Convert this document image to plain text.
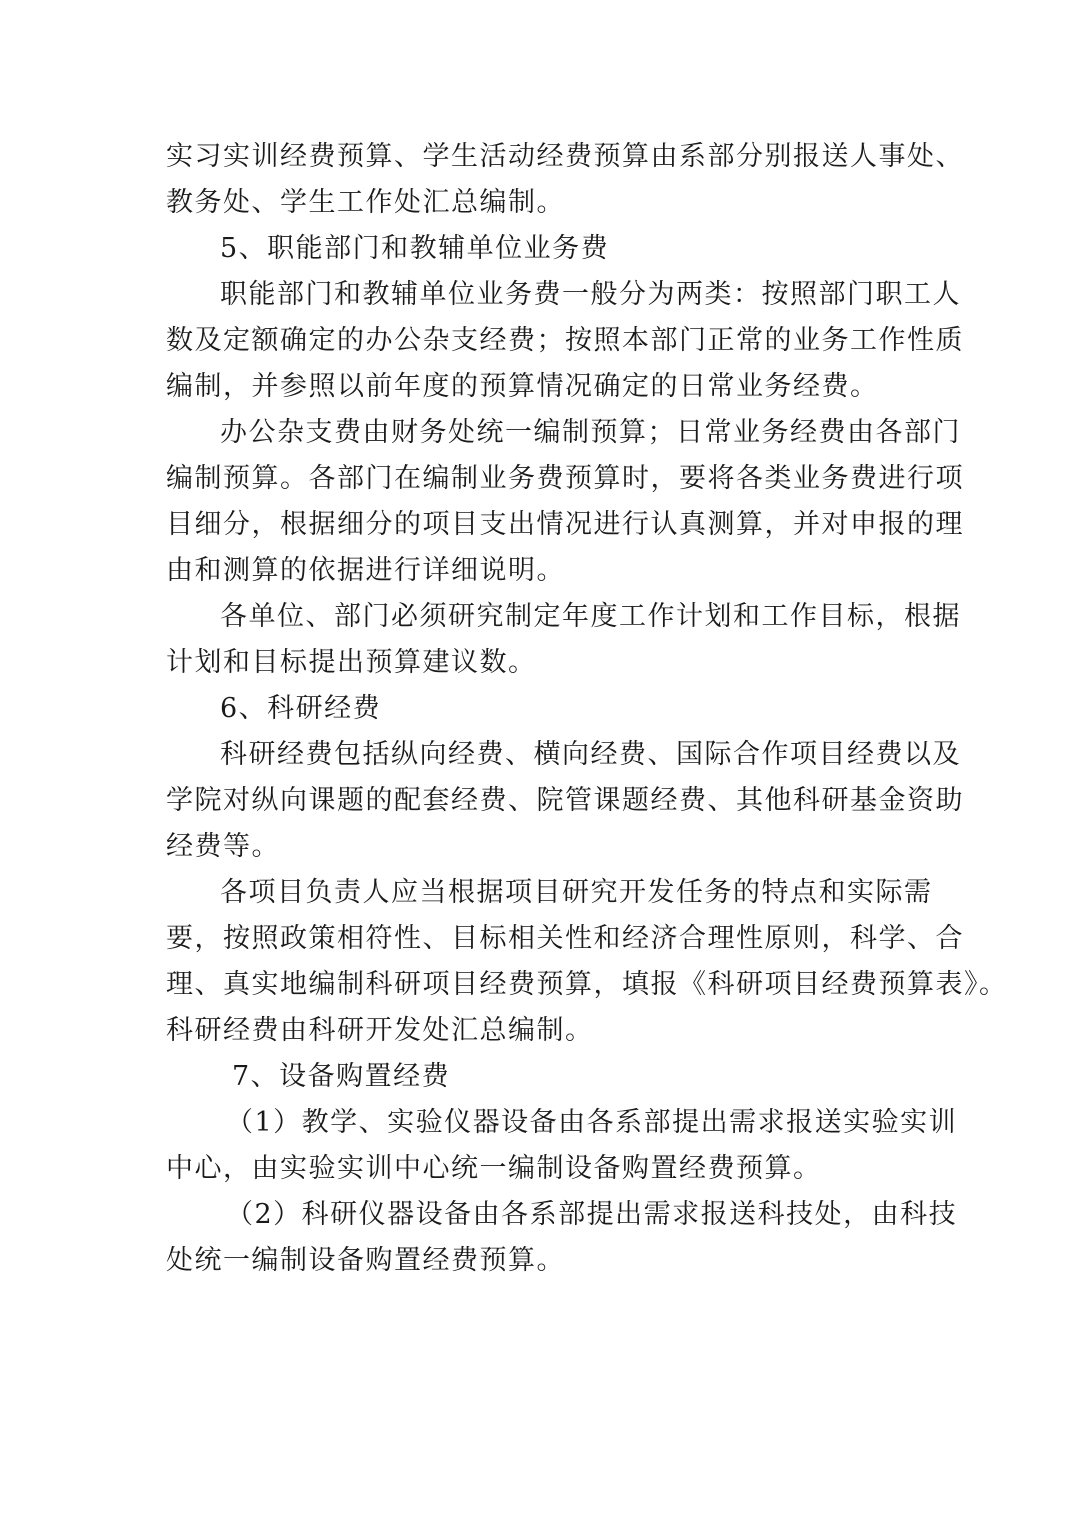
实习实训经费预算、学生活动经费预算由系部分别报送人事处、
教务处、学生工作处汇总编制。
5、职能部门和教辅单位业务费
职能部门和教辅单位业务费一般分为两类：按照部门职工人
数及定额确定的办公杂支经费；按照本部门正常的业务工作性质
编制，并参照以前年度的预算情况确定的日常业务经费。
办公杂支费由财务处统一编制预算；日常业务经费由各部门
编制预算。各部门在编制业务费预算时，要将各类业务费进行项
目细分，根据细分的项目支出情况进行认真测算，并对申报的理
由和测算的依据进行详细说明。
各单位、部门必须研究制定年度工作计划和工作目标，根据
计划和目标提出预算建议数。
6、科研经费
科研经费包括纵向经费、横向经费、国际合作项目经费以及
学院对纵向课题的配套经费、院管课题经费、其他科研基金资助
经费等。
各项目负责人应当根据项目研究开发任务的特点和实际需
要，按照政策相符性、目标相关性和经济合理性原则，科学、合
理、真实地编制科研项目经费预算，填报《科研项目经费预算表》。
科研经费由科研开发处汇总编制。
7、设备购置经费
（1）教学、实验仪器设备由各系部提出需求报送实验实训
中心，由实验实训中心统一编制设备购置经费预算。
（2）科研仪器设备由各系部提出需求报送科技处，由科技
处统一编制设备购置经费预算。
